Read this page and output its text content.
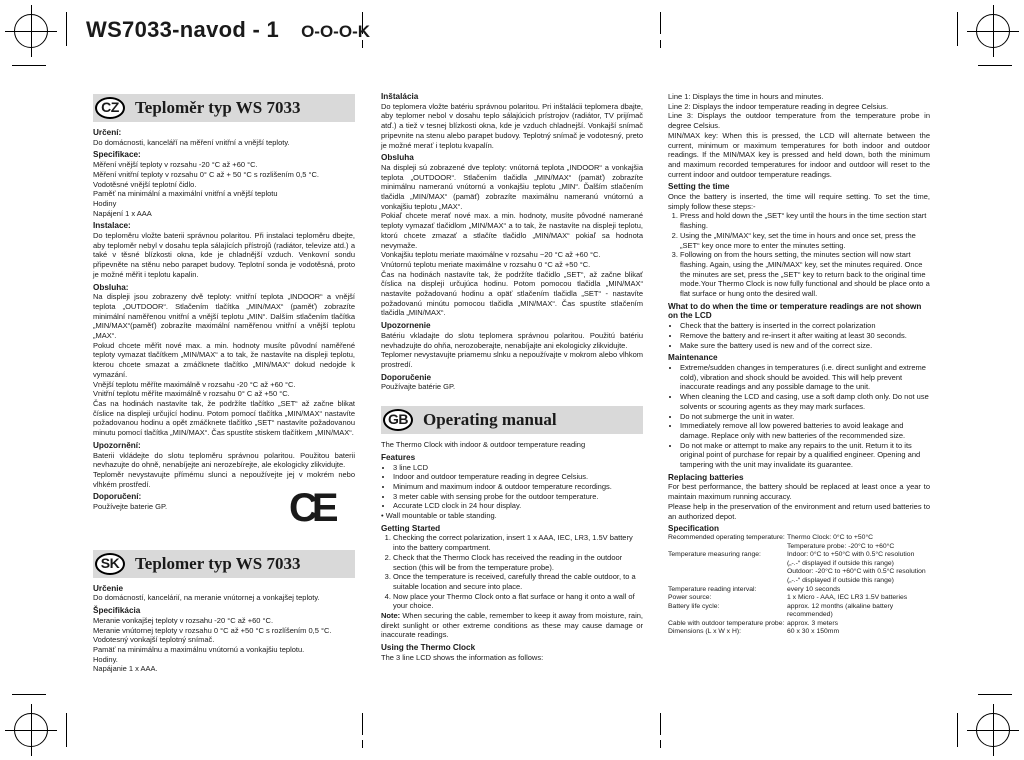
WS7033-navod - 1 O-O-O-K
CZ Teploměr typ WS 7033
Určení:

Do domácnosti, kanceláří na měření vnitřní a vnější teploty.

Specifikace:
Měření vnější teploty v rozsahu -20 °C až +60 °C.
Měření vnitřní teploty v rozsahu 0° C až + 50 °C s rozlišením 0,5 °C.
Vodotěsné vnější teplotní čidlo.
Paměť na minimální a maximální vnitřní a vnější teplotu
Hodiny
Napájení 1 x AAA
Instalace:

Do teploměru vložte baterii správnou polaritou. Při instalaci teploměru dbejte, aby teploměr nebyl v dosahu tepla sálajících přístrojů (radiátor, televize atd.) a také v těsné blízkosti okna, kde je chladnější vzduch. Venkovní sondu připevněte na stěnu nebo parapet budovy. Teplotní sonda je vodotěsná, proto je možné měřit i teplotu kapalin.

Obsluha:

Na displeji jsou zobrazeny dvě teploty: vnitřní teplota „INDOOR“ a vnější teplota „OUTDOOR“. Stlačením tlačítka „MIN/MAX“ (paměť) zobrazíte minimální naměřenou vnitřní a vnější teplotu „MIN“. Dalším stlačením tlačítka „MIN/MAX“(paměť) zobrazíte maximální naměřenou vnitřní a vnější teplotu „MAX“.

Pokud chcete měřit nové max. a min. hodnoty musíte původní naměřené teploty vymazat tlačítkem „MIN/MAX“ a to tak, že nastavíte na displeji teplotu, kterou chcete smazat a zmáčknete tlačítko „MIN/MAX“ dokud nedojde k vymazání.

Vnější teplotu měříte maximálně v rozsahu -20 °C až +60 °C.

Vnitřní teplotu měříte maximálně v rozsahu 0° C až +50 °C.

Čas na hodinách nastavíte tak, že podržíte tlačítko „SET“ až začne blikat číslice na displeji určující hodinu. Potom pomocí tlačítka „MIN/MAX“ nastavíte požadovanou hodinu a opět zmáčknete tlačítko „SET“ nastavíte požadovanou minutu pomocí tlačítka „MIN/MAX“. Čas spustíte stiskem tlačítkem „MIN/MAX“.

Upozornění:

Baterii vkládejte do slotu teploměru správnou polaritou. Použitou baterii nevhazujte do ohně, nenabíjejte ani nerozebírejte, ale ekologicky zlikvidujte.

Teploměr nevystavujte přímému slunci a nepoužívejte jej v mokrém nebo vlhkém prostředí.

Doporučení:

Používejte baterie GP.	CE
SK Teplomer typ WS 7033
Určenie

Do domácností, kancelárií, na meranie vnútornej a vonkajšej teploty.

Špecifikácia
Meranie vonkajšej teploty v rozsahu -20 °C až +60 °C.
Meranie vnútornej teploty v rozsahu 0 °C až +50 °C s rozlíšením 0,5 °C.
Vodotesný vonkajší teplotný snímač.
Pamäť na minimálnu a maximálnu vnútornú a vonkajšiu teplotu.
Hodiny.
Napájanie 1 x AAA.
Inštalácia

Do teplomera vložte batériu správnou polaritou. Pri inštalácii teplomera dbajte, aby teplomer nebol v dosahu teplo sálajúcich prístrojov (radiátor, TV prijímač atď.) a tiež v tesnej blízkosti okna, kde je vzduch chladnejší. Vonkajší snímač pripevnite na stenu alebo parapet budovy. Teplotný snímač je vodotesný, preto je možné merať i teplotu kvapalín.

Obsluha

Na displeji sú zobrazené dve teploty: vnútorná teplota „INDOOR“ a vonkajšia teplota „OUTDOOR“. Stlačením tlačidla „MIN/MAX“ (pamäť) zobrazíte minimálnu nameranú vnútornú a vonkajšiu teplotu „MIN“. Ďalším stlačením tlačidla „MIN/MAX“ (pamäť) zobrazíte maximálnu nameranú vnútornú a vonkajšiu teplotu „MAX“.

Pokiaľ chcete merať nové max. a min. hodnoty, musíte pôvodné namerané teploty vymazať tlačidlom „MIN/MAX“ a to tak, že nastavíte na displeji teplotu, ktorú chcete zmazať a stlačíte tlačidlo „MIN/MAX“ pokiaľ sa hodnota nevymaže.

Vonkajšiu teplotu meriate maximálne v rozsahu −20 °C až +60 °C.

Vnútornú teplotu meriate maximálne v rozsahu 0 °C až +50 °C.

Čas na hodinách nastavíte tak, že podržíte tlačidlo „SET“, až začne blikať číslica na displeji určujúca hodinu. Potom pomocou tlačidla „MIN/MAX“ nastavíte požadovanú hodinu a opäť stlačením tlačidla „SET“ - nastavíte požadovanú minútu pomocou tlačidla „MIN/MAX“. Čas spustíte stlačením tlačidla „MIN/MAX“.

Upozornenie

Batériu vkladajte do slotu teplomera správnou polaritou. Použitú batériu nevhadzujte do ohňa, nerozoberajte, nenabíjajte ani ekologicky zlikvidujte.

Teplomer nevystavujte priamemu slnku a nepoužívajte v mokrom alebo vlhkom prostredí.

Doporučenie

Používajte batérie GP.

GB Operating manual

The Thermo Clock with indoor & outdoor temperature reading

Features
• 3 line LCD
• Indoor and outdoor temperature reading in degree Celsius.
• Minimum and maximum indoor & outdoor temperature recordings.
• 3 meter cable with sensing probe for the outdoor temperature.
• Accurate LCD clock in 24 hour display.
• Wall mountable or table standing.
Getting Started
1. Checking the correct polarization, insert 1 x AAA, IEC, LR3, 1.5V battery into the battery compartment.
2. Check that the Thermo Clock has received the reading in the outdoor section (this will be from the temperature probe).
3. Once the temperature is received, carefully thread the cable outdoor, to a suitable location and secure into place.
4. Now place your Thermo Clock onto a flat surface or hang it onto a wall of your choice.

Note: When securing the cable, remember to keep it away from moisture, rain, direkt sunlight or other extreme conditions as these may cause damage or inaccurate readings.

Using the Thermo Clock

The 3 line LCD shows the information as follows:

Line 1: Displays the time in hours and minutes.
Line 2: Displays the indoor temperature reading in degree Celsius.
Line 3: Displays the outdoor temperature from the temperature probe in degree Celsius.

MIN/MAX key: When this is pressed, the LCD will alternate between the current, minimum or maximum temperatures for both indoor and outdoor readings. If the MIN/MAX key is pressed and held down, both the minimum and maximum recorded temperatures for indoor and outdoor will reset to the current indoor and outdoor temperature readings.

Setting the time

Once the battery is inserted, the time will require setting. To set the time, simply follow these steps:-

1. Press and hold down the „SET“ key until the hours in the time section start flashing.
2. Using the „MIN/MAX“ key, set the time in hours and once set, press the „SET“ key once more to enter the minutes setting.
3. Following on from the hours setting, the minutes section will now start flashing. Again, using the „MIN/MAX“ key, set the minutes required. Once the minutes are set, press the „SET“ key to return back to the original time mode.Your Thermo Clock is now fully functional and should be place onto a flat surface or hung onto the desired wall.
What to do when the time or temperature readings are not shown on the LCD
• Check that the battery is inserted in the correct polarization
• Remove the battery and re-insert it after waiting at least 30 seconds.
• Make sure the battery used is new and of the correct size.
Maintenance
• Extreme/sudden changes in temperatures (i.e. direct sunlight and extreme cold), vibration and shock should be avoided. This will help prevent inaccurate readings and any possible damage to the unit.
• When cleaning the LCD and casing, use a soft damp cloth only. Do not use solvents or scouring agents as they may mark surfaces.
• Do not submerge the unit in water.
• Immediately remove all low powered batteries to avoid leakage and damage. Replace only with new batteries of the recommended size.
• Do not make or attempt to make any repairs to the unit. Return it to its original point of purchase for repair by a qualified engineer. Opening and tampering with the unit may invalidate its guarantee.
Replacing batteries

For best performance, the battery should be replaced at least once a year to maintain maximum running accuracy.

Please help in the preservation of the environment and return used batteries to an authorized depot.

Specification
Recommended operating temperature: Thermo Clock: 0°C to +50°C
Temperature probe: -20°C to +60°C
Temperature measuring range:	Indoor: 0°C to +50°C with 0.5°C resolution
(„-.-“ displayed if outside this range)
Outdoor: -20°C to +60°C with 0.5°C resolution
(„-.-“ displayed if outside this range)
Temperature reading interval:	every 10 seconds
Power source:	1 x Micro - AAA, IEC LR3 1.5V batteries
Battery life cycle:	approx. 12 months (alkaline battery recommended)
Cable with outdoor temperature probe: approx. 3 meters
Dimensions (L x W x H):	60 x 30 x 150mm
